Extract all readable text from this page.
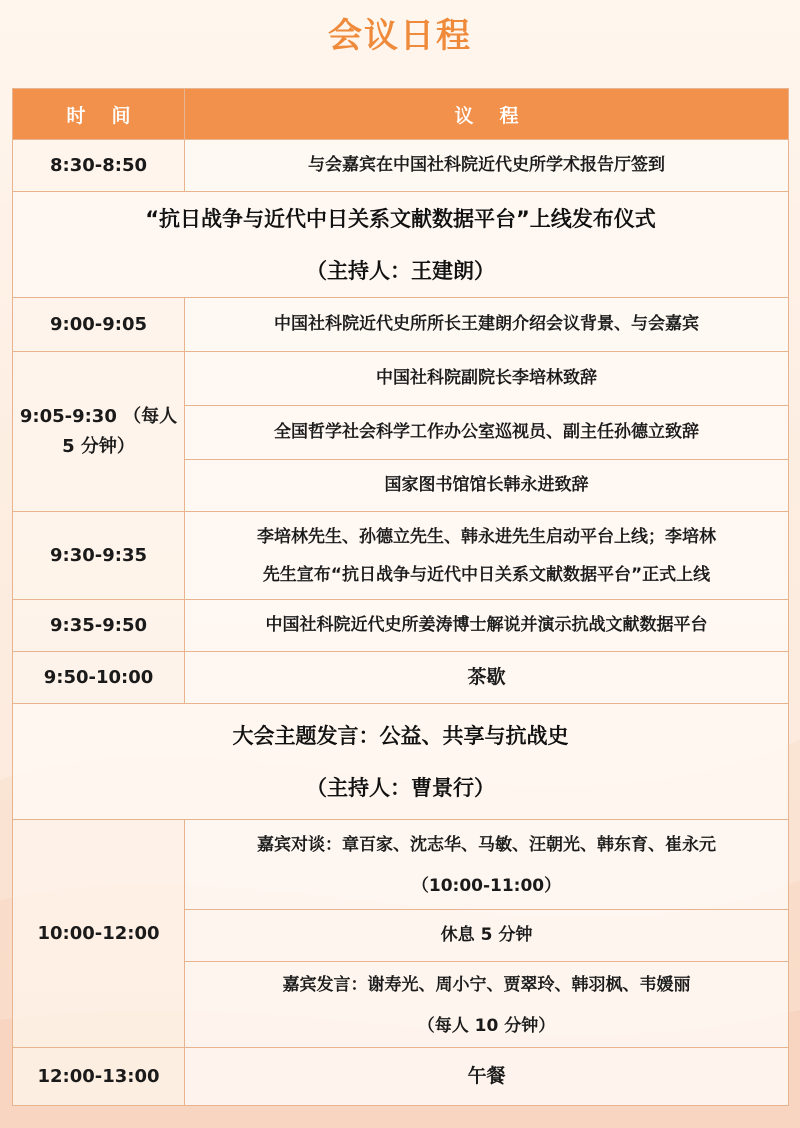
会议日程
时间	议程
8:30-8:50	与会嘉宾在中国社科院近代史所学术报告厅签到

“抗日战争与近代中日关系文献数据平台”上线发布仪式
（主持人：王建朗）	

9:00-9:05	中国社科院近代史所所长王建朗介绍会议背景、与会嘉宾
9:05-9:30 （每人 5 分钟）	中国社科院副院长李培林致辞
	全国哲学社会科学工作办公室巡视员、副主任孙德立致辞
	国家图书馆馆长韩永进致辞
9:30-9:35	李培林先生、孙德立先生、韩永进先生启动平台上线；李培林
先生宣布“抗日战争与近代中日关系文献数据平台”正式上线

9:35-9:50	中国社科院近代史所姜涛博士解说并演示抗战文献数据平台
9:50-10:00	茶歇

大会主题发言：公益、共享与抗战史
（主持人：曹景行）	

10:00-12:00	嘉宾对谈：章百家、沈志华、马敏、汪朝光、韩东育、崔永元
（10:00-11:00）

	休息 5 分钟

	嘉宾发言：谢寿光、周小宁、贾翠玲、韩羽枫、韦媛丽
（每人 10 分钟）

12:00-13:00	午餐
